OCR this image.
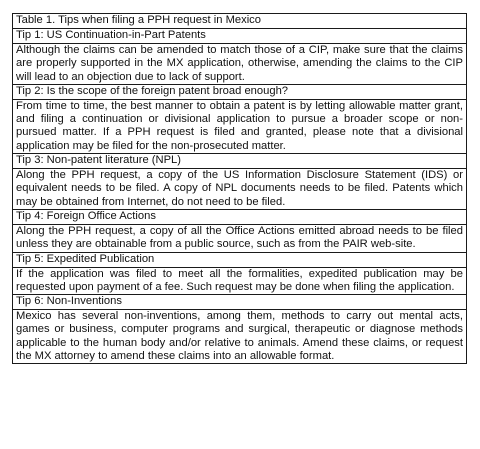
Table 1. Tips when filing a PPH request in Mexico
Tip 1: US Continuation-in-Part Patents
Although the claims can be amended to match those of a CIP, make sure that the claims are properly supported in the MX application, otherwise, amending the claims to the CIP will lead to an objection due to lack of support.
Tip 2: Is the scope of the foreign patent broad enough?
From time to time, the best manner to obtain a patent is by letting allowable matter grant, and filing a continuation or divisional application to pursue a broader scope or non-pursued matter. If a PPH request is filed and granted, please note that a divisional application may be filed for the non-prosecuted matter.
Tip 3: Non-patent literature (NPL)
Along the PPH request, a copy of the US Information Disclosure Statement (IDS) or equivalent needs to be filed. A copy of NPL documents needs to be filed. Patents which may be obtained from Internet, do not need to be filed.
Tip 4: Foreign Office Actions
Along the PPH request, a copy of all the Office Actions emitted abroad needs to be filed unless they are obtainable from a public source, such as from the PAIR web-site.
Tip 5: Expedited Publication
If the application was filed to meet all the formalities, expedited publication may be requested upon payment of a fee. Such request may be done when filing the application.
Tip 6: Non-Inventions
Mexico has several non-inventions, among them, methods to carry out mental acts, games or business, computer programs and surgical, therapeutic or diagnose methods applicable to the human body and/or relative to animals. Amend these claims, or request the MX attorney to amend these claims into an allowable format.
